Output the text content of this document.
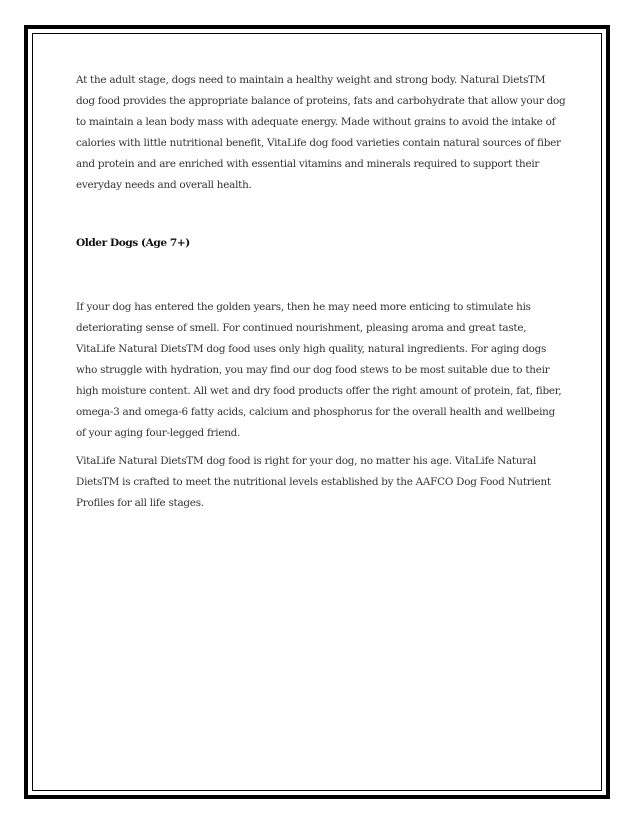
At the adult stage, dogs need to maintain a healthy weight and strong body. Natural DietsTM dog food provides the appropriate balance of proteins, fats and carbohydrate that allow your dog to maintain a lean body mass with adequate energy. Made without grains to avoid the intake of calories with little nutritional benefit, VitaLife dog food varieties contain natural sources of fiber and protein and are enriched with essential vitamins and minerals required to support their everyday needs and overall health.

Older Dogs (Age 7+)

If your dog has entered the golden years, then he may need more enticing to stimulate his deteriorating sense of smell. For continued nourishment, pleasing aroma and great taste, VitaLife Natural DietsTM dog food uses only high quality, natural ingredients. For aging dogs who struggle with hydration, you may find our dog food stews to be most suitable due to their high moisture content. All wet and dry food products offer the right amount of protein, fat, fiber, omega-3 and omega-6 fatty acids, calcium and phosphorus for the overall health and wellbeing of your aging four-legged friend.

VitaLife Natural DietsTM dog food is right for your dog, no matter his age. VitaLife Natural DietsTM is crafted to meet the nutritional levels established by the AAFCO Dog Food Nutrient Profiles for all life stages.
